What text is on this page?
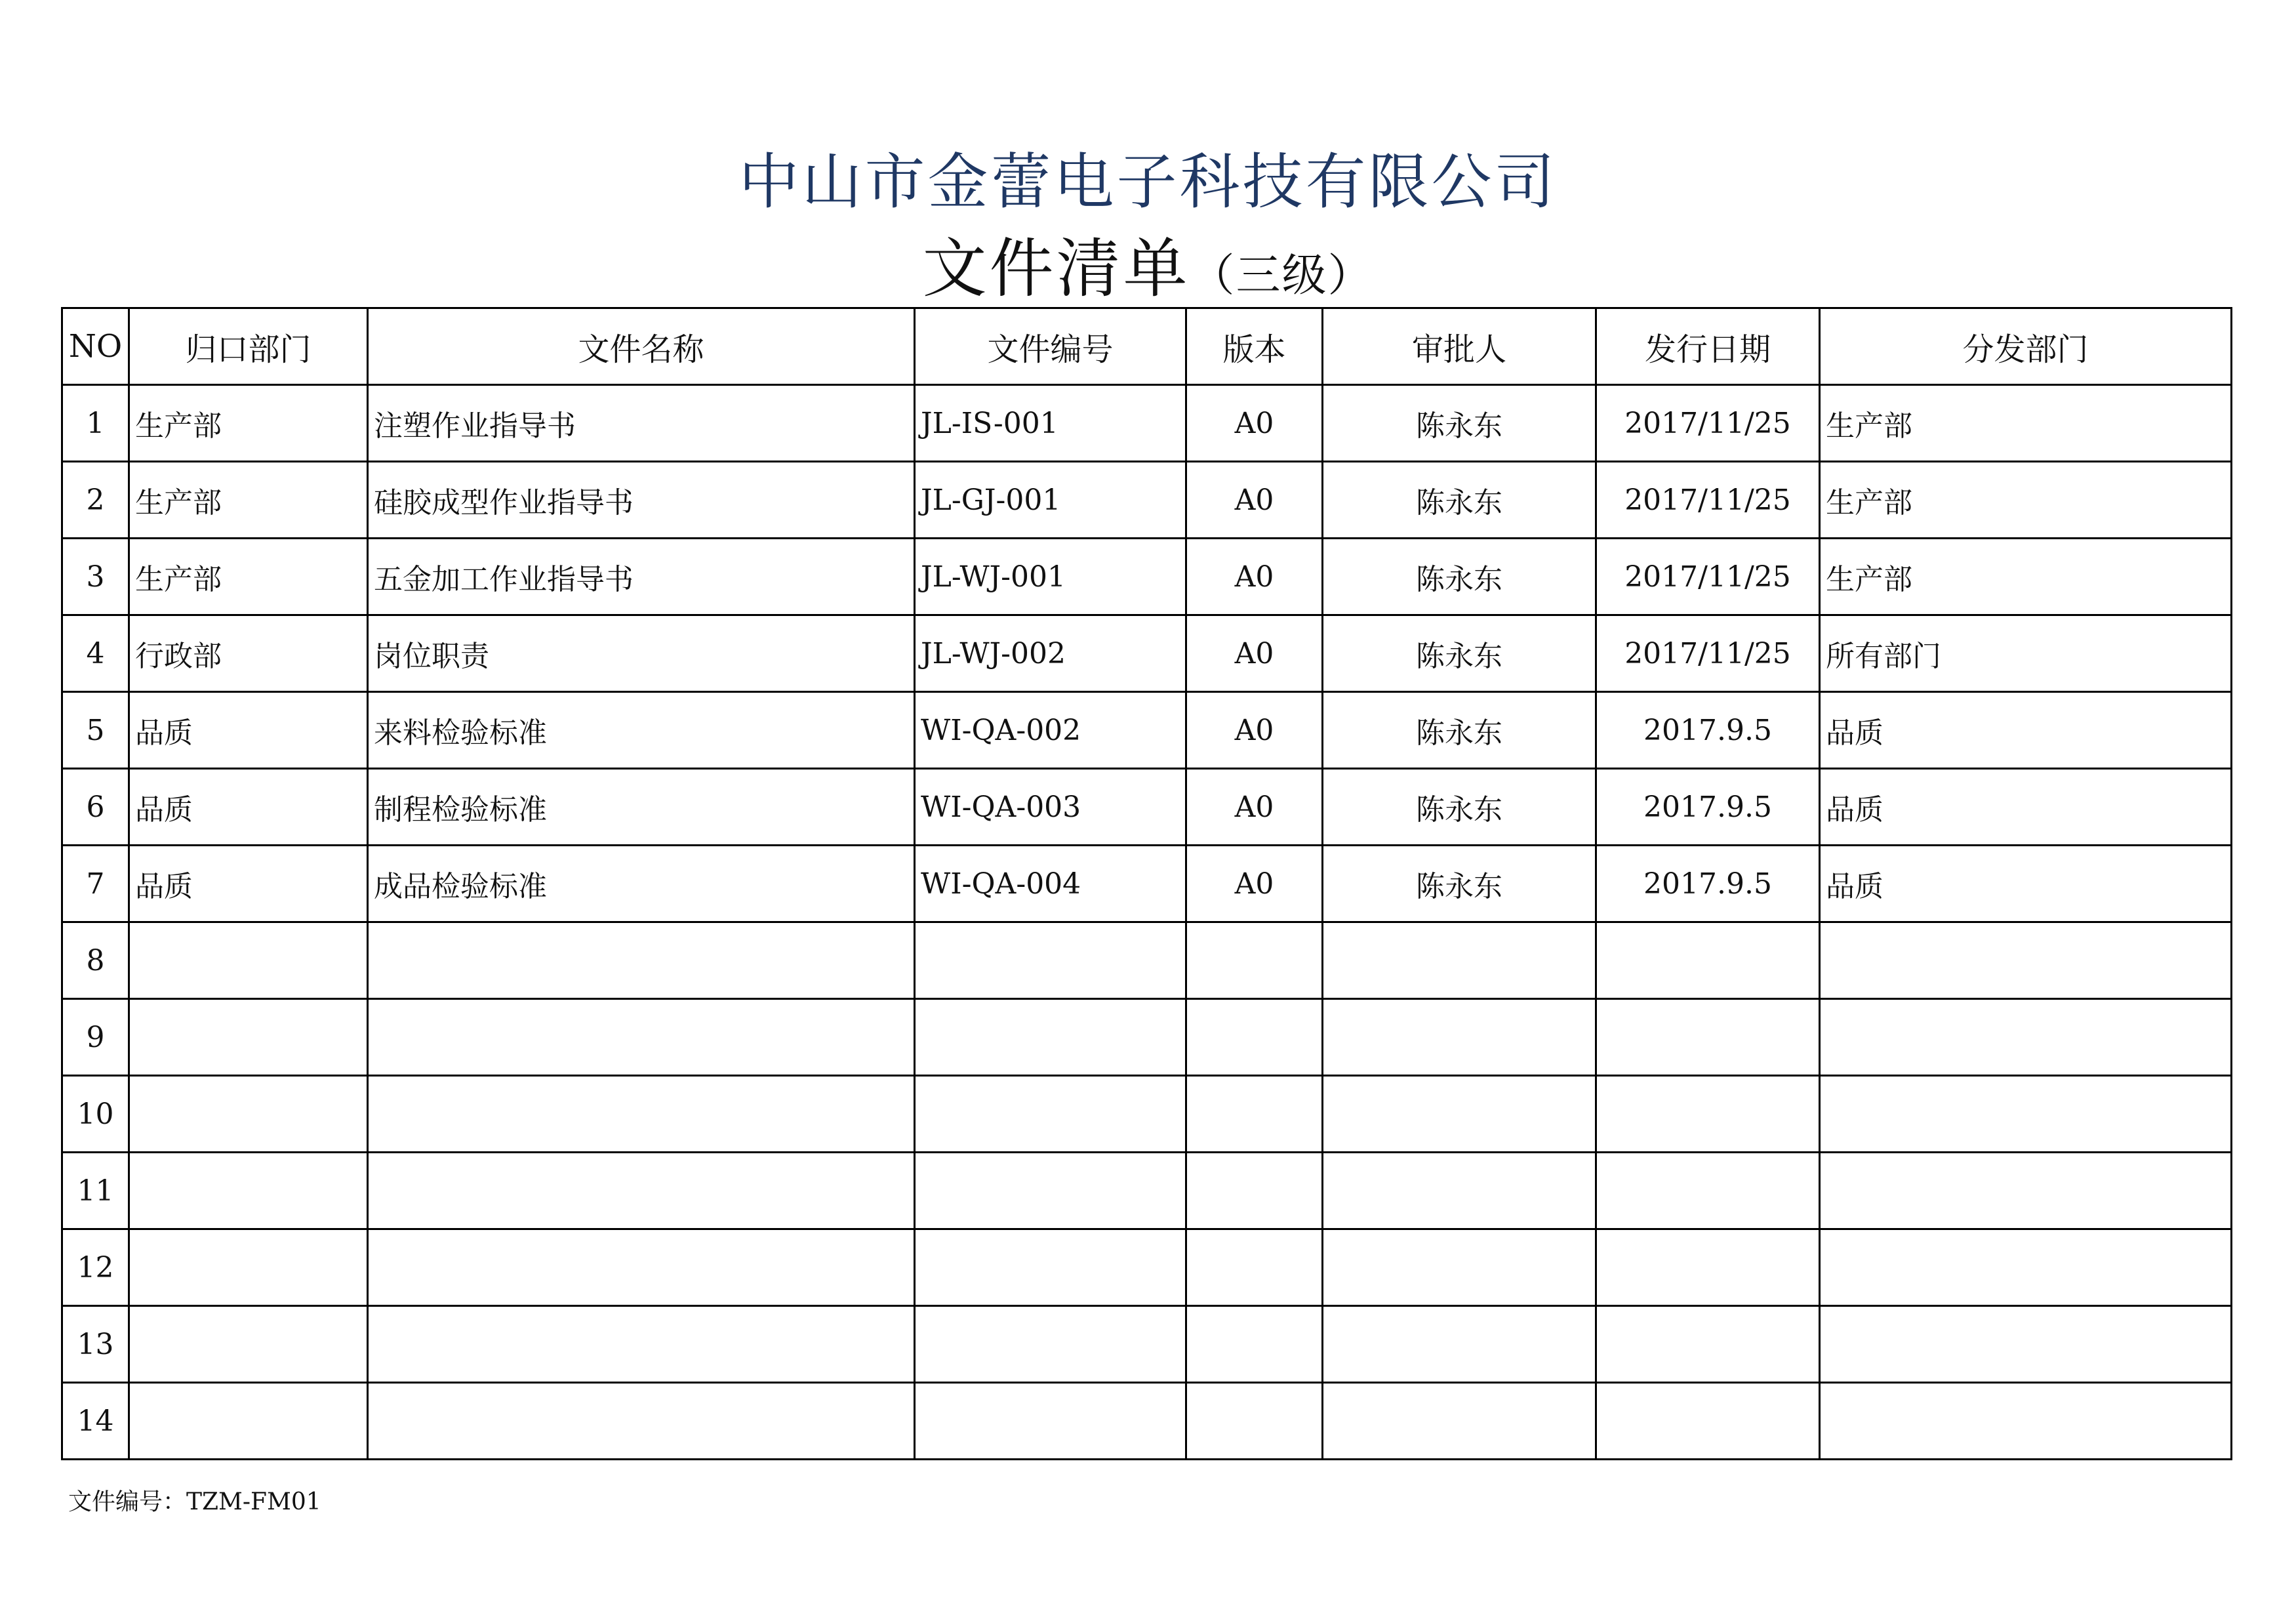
中山市金蕾电子科技有限公司
文件清单（三级）
NO	归口部门	文件名称	文件编号	版本	审批人	发行日期	分发部门
1	生产部	注塑作业指导书	JL-IS-001	A0	陈永东	2017/11/25	生产部
2	生产部	硅胶成型作业指导书	JL-GJ-001	A0	陈永东	2017/11/25	生产部
3	生产部	五金加工作业指导书	JL-WJ-001	A0	陈永东	2017/11/25	生产部
4	行政部	岗位职责	JL-WJ-002	A0	陈永东	2017/11/25	所有部门
5	品质	来料检验标准	WI-QA-002	A0	陈永东	2017.9.5	品质
6	品质	制程检验标准	WI-QA-003	A0	陈永东	2017.9.5	品质
7	品质	成品检验标准	WI-QA-004	A0	陈永东	2017.9.5	品质
8							
9							
10							
11							
12							
13							
14							
文件编号：TZM-FM01
